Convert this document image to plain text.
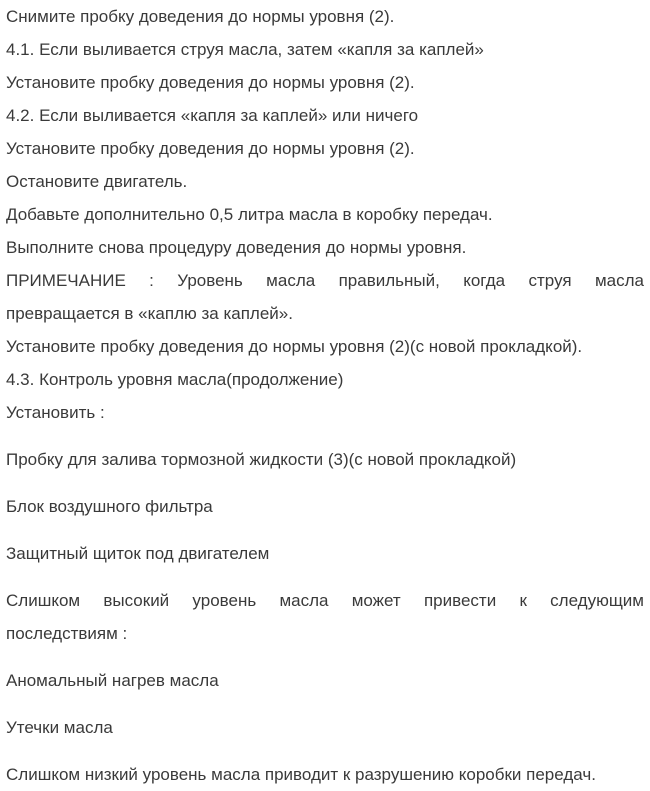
Снимите пробку доведения до нормы уровня (2).
4.1. Если выливается струя масла, затем «капля за каплей»
Установите пробку доведения до нормы уровня (2).
4.2. Если выливается «капля за каплей» или ничего
Установите пробку доведения до нормы уровня (2).
Остановите двигатель.
Добавьте дополнительно 0,5 литра масла в коробку передач.
Выполните снова процедуру доведения до нормы уровня.
ПРИМЕЧАНИЕ : Уровень масла правильный, когда струя масла
превращается в «каплю за каплей».
Установите пробку доведения до нормы уровня (2)(с новой прокладкой).
4.3. Контроль уровня масла(продолжение)
Установить :
Пробку для залива тормозной жидкости (3)(с новой прокладкой)
Блок воздушного фильтра
Защитный щиток под двигателем
Слишком высокий уровень масла может привести к следующим
последствиям :
Аномальный нагрев масла
Утечки масла
Слишком низкий уровень масла приводит к разрушению коробки передач.
